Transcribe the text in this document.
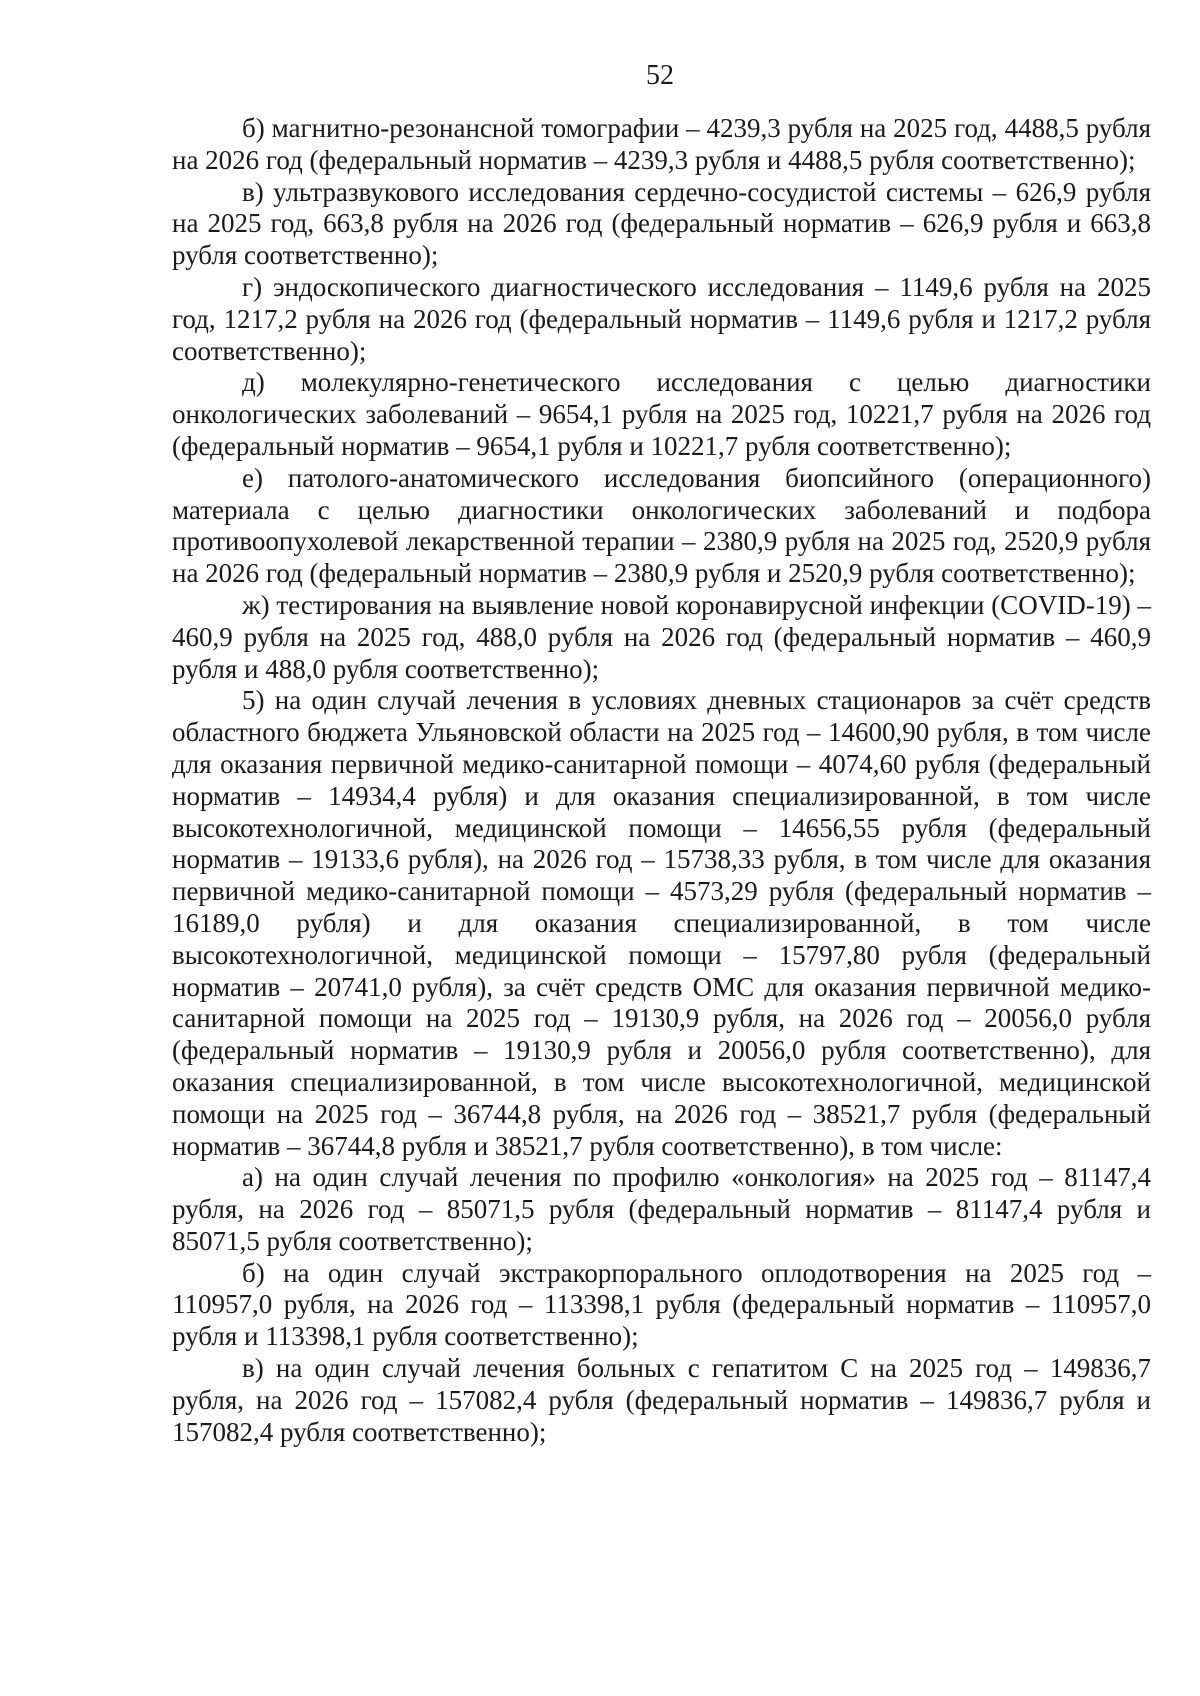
52

б) магнитно-резонансной томографии – 4239,3 рубля на 2025 год, 4488,5 рубля на 2026 год (федеральный норматив – 4239,3 рубля и 4488,5 рубля соответственно);

в) ультразвукового исследования сердечно-сосудистой системы – 626,9 рубля на 2025 год, 663,8 рубля на 2026 год (федеральный норматив – 626,9 рубля и 663,8 рубля соответственно);

г) эндоскопического диагностического исследования – 1149,6 рубля на 2025 год, 1217,2 рубля на 2026 год (федеральный норматив – 1149,6 рубля и 1217,2 рубля соответственно);

д) молекулярно-генетического исследования с целью диагностики онкологических заболеваний – 9654,1 рубля на 2025 год, 10221,7 рубля на 2026 год (федеральный норматив – 9654,1 рубля и 10221,7 рубля соответственно);

е) патолого-анатомического исследования биопсийного (операционного) материала с целью диагностики онкологических заболеваний и подбора противоопухолевой лекарственной терапии – 2380,9 рубля на 2025 год, 2520,9 рубля на 2026 год (федеральный норматив – 2380,9 рубля и 2520,9 рубля соответственно);

ж) тестирования на выявление новой коронавирусной инфекции (COVID-19) – 460,9 рубля на 2025 год, 488,0 рубля на 2026 год (федеральный норматив – 460,9 рубля и 488,0 рубля соответственно);

5) на один случай лечения в условиях дневных стационаров за счёт средств областного бюджета Ульяновской области на 2025 год – 14600,90 рубля, в том числе для оказания первичной медико-санитарной помощи – 4074,60 рубля (федеральный норматив – 14934,4 рубля) и для оказания специализированной, в том числе высокотехнологичной, медицинской помощи – 14656,55 рубля (федеральный норматив – 19133,6 рубля), на 2026 год – 15738,33 рубля, в том числе для оказания первичной медико-санитарной помощи – 4573,29 рубля (федеральный норматив – 16189,0 рубля) и для оказания специализированной, в том числе высокотехнологичной, медицинской помощи – 15797,80 рубля (федеральный норматив – 20741,0 рубля), за счёт средств ОМС для оказания первичной медико-санитарной помощи на 2025 год – 19130,9 рубля, на 2026 год – 20056,0 рубля (федеральный норматив – 19130,9 рубля и 20056,0 рубля соответственно), для оказания специализированной, в том числе высокотехнологичной, медицинской помощи на 2025 год – 36744,8 рубля, на 2026 год – 38521,7 рубля (федеральный норматив – 36744,8 рубля и 38521,7 рубля соответственно), в том числе:

а) на один случай лечения по профилю «онкология» на 2025 год – 81147,4 рубля, на 2026 год – 85071,5 рубля (федеральный норматив – 81147,4 рубля и 85071,5 рубля соответственно);

б) на один случай экстракорпорального оплодотворения на 2025 год – 110957,0 рубля, на 2026 год – 113398,1 рубля (федеральный норматив – 110957,0 рубля и 113398,1 рубля соответственно);

в) на один случай лечения больных с гепатитом С на 2025 год – 149836,7 рубля, на 2026 год – 157082,4 рубля (федеральный норматив – 149836,7 рубля и 157082,4 рубля соответственно);
